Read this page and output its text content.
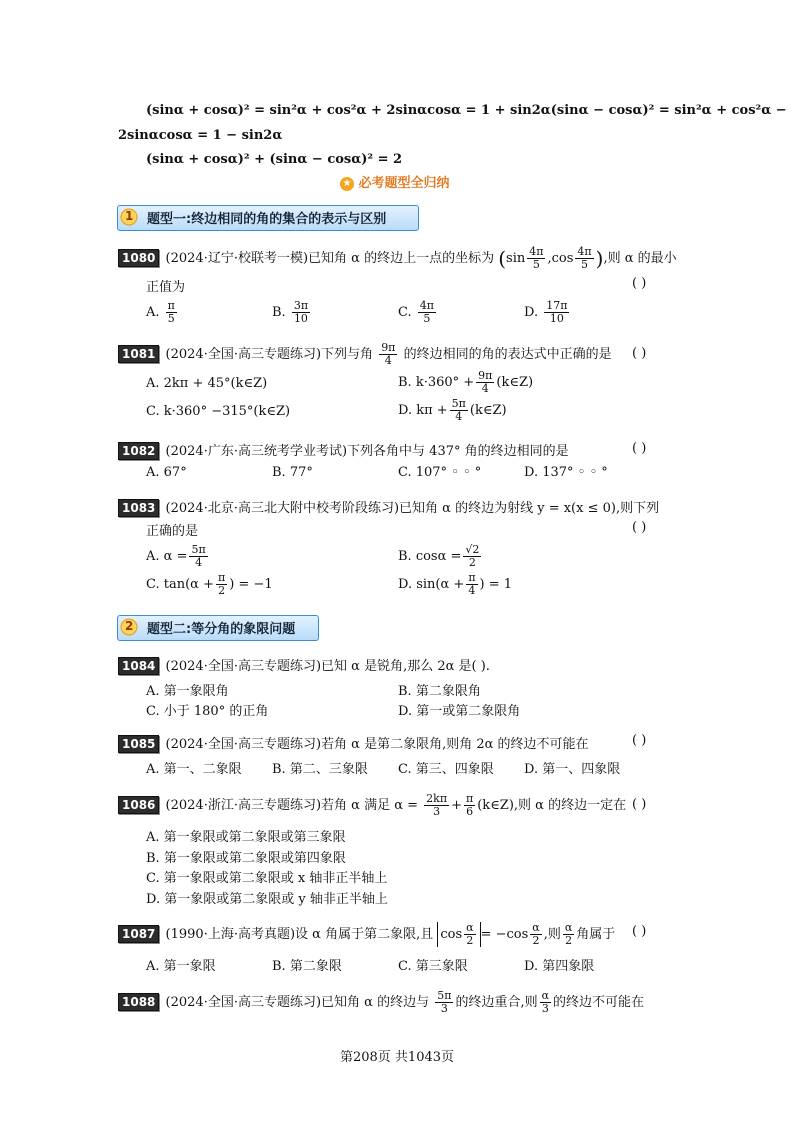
(sinα + cosα)² = sin²α + cos²α + 2sinαcosα = 1 + sin2α(sinα − cosα)² = sin²α + cos²α −
2sinαcosα = 1 − sin2α
(sinα + cosα)² + (sinα − cosα)² = 2
★ 必考题型全归纳
1 题型一:终边相同的角的集合的表示与区别
1080 (2024·辽宁·校联考一模)已知角 α 的终边上一点的坐标为 ($\sin \frac{4\pi}{5} ,\cos \frac{4\pi}{5}$ ),则 α 的最小
正值为	( )
A. $\frac{\pi}{5}$	B. $\frac{3\pi}{10}$	C. $\frac{4\pi}{5}$	D. $\frac{17\pi}{10}$
1081 (2024·全国·高三专题练习)下列与角 $\frac{9\pi}{4}$ 的终边相同的角的表达式中正确的是 ( )
A. 2kπ + 45°(k∈Z)	B. $k\cdot 360^\circ + \frac{9\pi}{4}$ (k∈Z)
C. k·360° −315°(k∈Z)	D. $k\pi + \frac{5\pi}{4}$ (k∈Z)
1082 (2024·广东·高三统考学业考试)下列各角中与 437° 角的终边相同的是	( )
A. 67°	B. 77°	C. 107° ◦ ◦ °	D. 137° ◦ ◦ °
1083 (2024·北京·高三北大附中校考阶段练习)已知角 α 的终边为射线 y = x(x ≤ 0),则下列
正确的是	( )
A. $\alpha = \frac{5\pi}{4}$	B. $\cos\alpha = \frac{√2}{2}$
C. $\tan(\alpha + \frac{\pi}{2}$ ) = −1	D. $\sin(\alpha + \frac{\pi}{4}$ ) = 1
2 题型二:等分角的象限问题
1084 (2024·全国·高三专题练习)已知 α 是锐角,那么 2α 是( ).
A. 第一象限角	B. 第二象限角
C. 小于 180° 的正角	D. 第一或第二象限角
1085 (2024·全国·高三专题练习)若角 α 是第二象限角,则角 2α 的终边不可能在	( )
A. 第一、二象限 B. 第二、三象限 C. 第三、四象限 D. 第一、四象限
1086 (2024·浙江·高三专题练习)若角 α 满足 $\alpha = \frac{2k\pi}{3} + \frac{\pi}{6}$ (k∈Z),则 α 的终边一定在 ( )
A. 第一象限或第二象限或第三象限
B. 第一象限或第二象限或第四象限
C. 第一象限或第二象限或 x 轴非正半轴上
D. 第一象限或第二象限或 y 轴非正半轴上
1087 (1990·上海·高考真题)设 α 角属于第二象限,且 $\cos \frac{\alpha}{2} = -\cos \frac{\alpha}{2}$ ,则 $\frac{\alpha}{2}$ 角属于 ( )
A. 第一象限	B. 第二象限	C. 第三象限	D. 第四象限
1088 (2024·全国·高三专题练习)已知角 α 的终边与 $\frac{5\pi}{3}$ 的终边重合,则 $\frac{\alpha}{3}$ 的终边不可能在
第208页 共1043页
